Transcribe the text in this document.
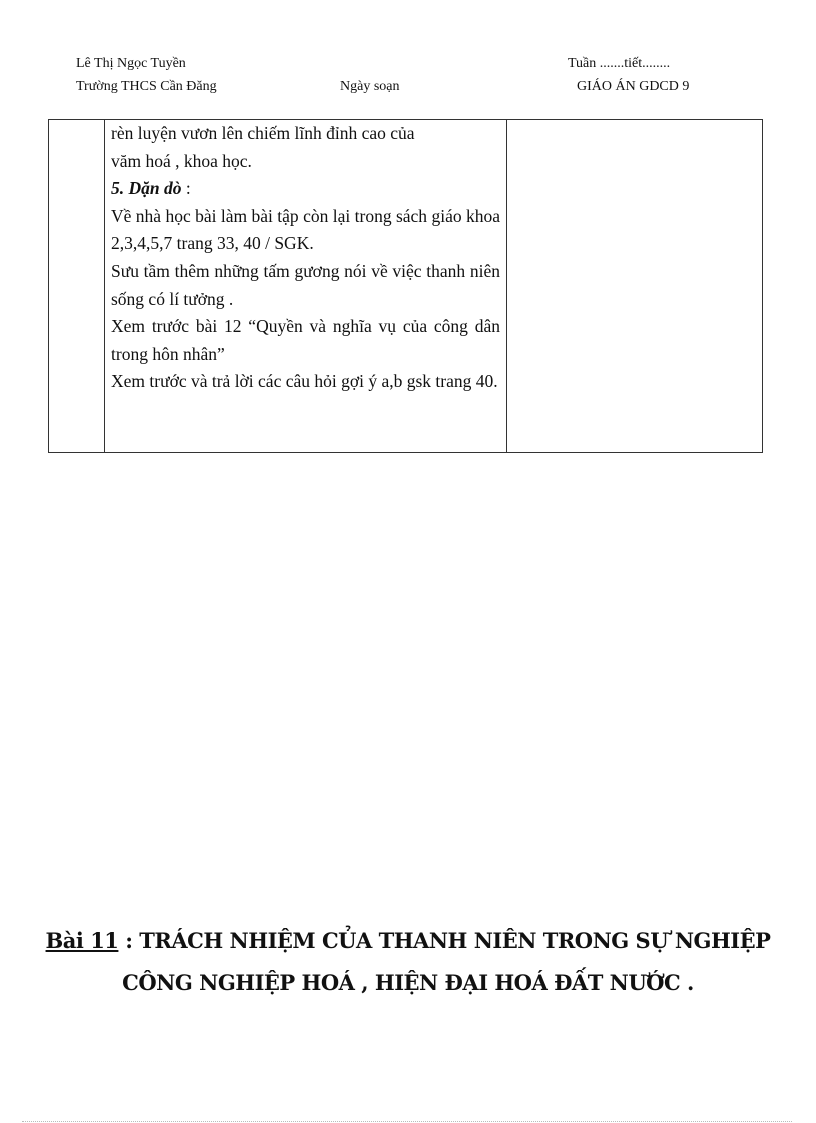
Lê Thị Ngọc Tuyền
Trường THCS Cần Đăng	Ngày soạn
Tuần .......tiết........
GIÁO ÁN GDCD 9

rèn luyện vươn lên chiếm lĩnh đỉnh cao của

văm hoá , khoa học.

5. Dặn dò :

Về nhà học bài làm bài tập còn lại trong sách giáo khoa 2,3,4,5,7 trang 33, 40 / SGK.

Sưu tầm thêm những tấm gương nói về việc thanh niên sống có lí tưởng .

Xem trước bài 12 “Quyền và nghĩa vụ của công dân trong hôn nhân”

Xem trước và trả lời các câu hỏi gợi ý a,b gsk trang 40.

Bài 11 : TRÁCH NHIỆM CỦA THANH NIÊN TRONG SỰ NGHIỆP
CÔNG NGHIỆP HOÁ , HIỆN ĐẠI HOÁ ĐẤT NƯỚC .
